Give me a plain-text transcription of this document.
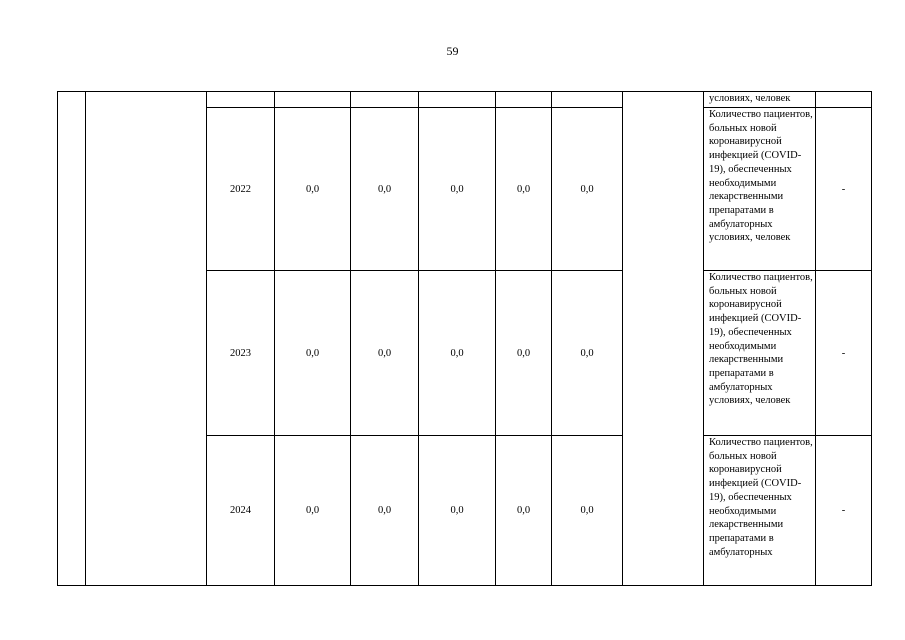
59
									условиях, человек	
		2022	0,0	0,0	0,0	0,0	0,0		Количество пациентов, больных новой коронавирусной инфекцией (COVID-19), обеспеченных необходимыми лекарственными препаратами в амбулаторных условиях, человек	-
		2023	0,0	0,0	0,0	0,0	0,0		Количество пациентов, больных новой коронавирусной инфекцией (COVID-19), обеспеченных необходимыми лекарственными препаратами в амбулаторных условиях, человек	-
		2024	0,0	0,0	0,0	0,0	0,0		Количество пациентов, больных новой коронавирусной инфекцией (COVID-19), обеспеченных необходимыми лекарственными препаратами в амбулаторных	-
